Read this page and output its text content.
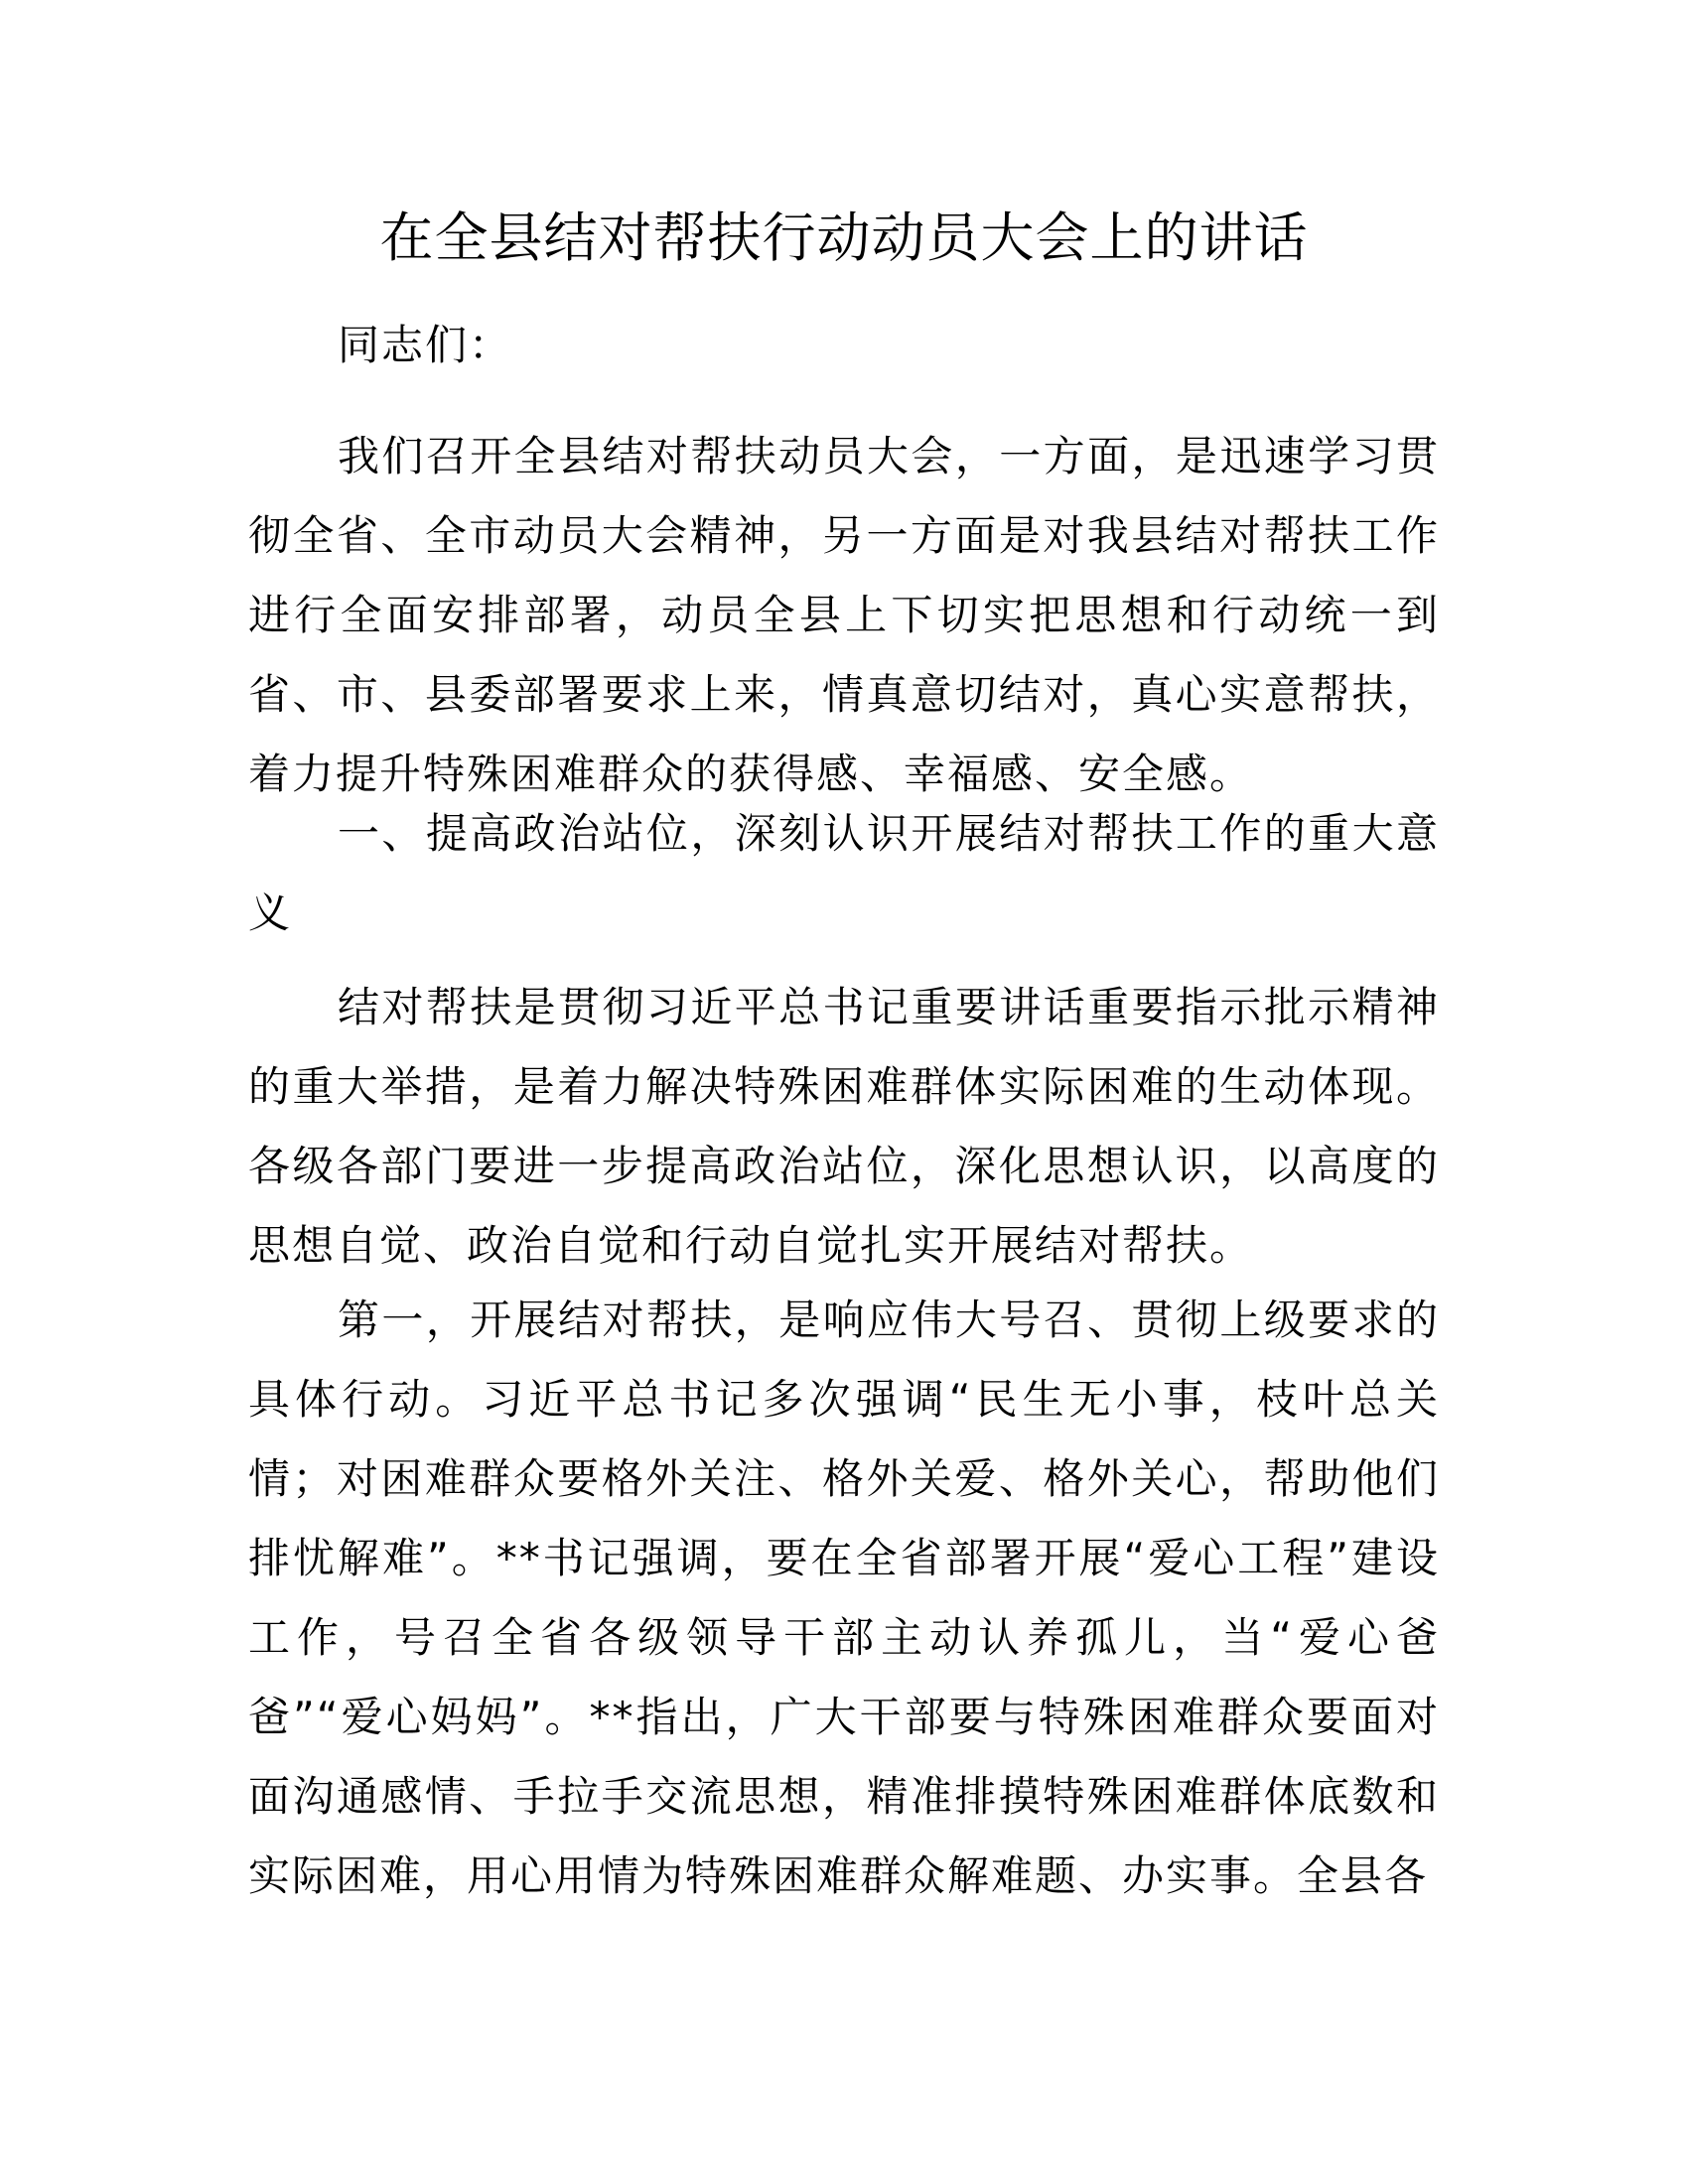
在全县结对帮扶行动动员大会上的讲话

同志们：

我们召开全县结对帮扶动员大会，一方面，是迅速学习贯彻全省、全市动员大会精神，另一方面是对我县结对帮扶工作进行全面安排部署，动员全县上下切实把思想和行动统一到省、市、县委部署要求上来，情真意切结对，真心实意帮扶，着力提升特殊困难群众的获得感、幸福感、安全感。

一、提高政治站位，深刻认识开展结对帮扶工作的重大意义

结对帮扶是贯彻习近平总书记重要讲话重要指示批示精神的重大举措，是着力解决特殊困难群体实际困难的生动体现。各级各部门要进一步提高政治站位，深化思想认识，以高度的思想自觉、政治自觉和行动自觉扎实开展结对帮扶。

第一，开展结对帮扶，是响应伟大号召、贯彻上级要求的具体行动。习近平总书记多次强调“民生无小事，枝叶总关情；对困难群众要格外关注、格外关爱、格外关心，帮助他们排忧解难”。**书记强调，要在全省部署开展“爱心工程”建设工作，号召全省各级领导干部主动认养孤儿，当“爱心爸爸”“爱心妈妈”。**指出，广大干部要与特殊困难群众要面对面沟通感情、手拉手交流思想，精准排摸特殊困难群体底数和实际困难，用心用情为特殊困难群众解难题、办实事。全县各
